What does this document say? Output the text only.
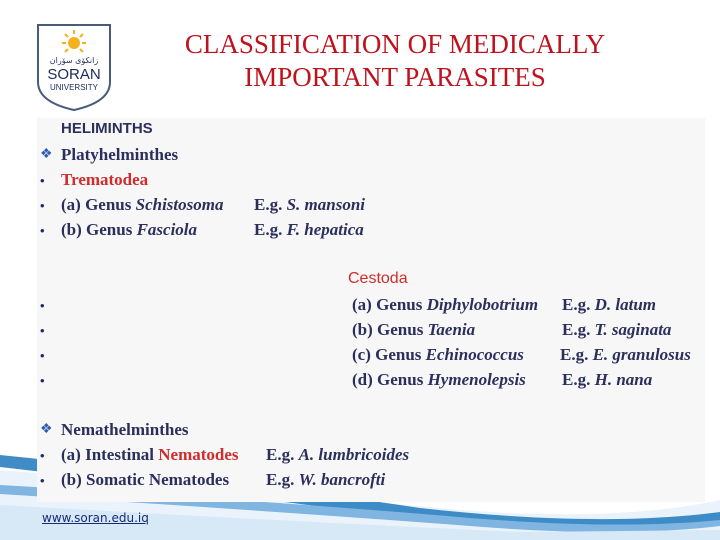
زانكۆی سۆران
SORAN
UNIVERSITY
CLASSIFICATION OF MEDICALLY
IMPORTANT PARASITES
HELIMINTHS
❖ Platyhelminthes
• Trematodea
• (a) Genus Schistosoma E.g. S. mansoni
• (b) Genus Fasciola	E.g. F. hepatica
Cestoda
•	(a) Genus Diphylobotrium E.g. D. latum
•	(b) Genus Taenia	E.g. T. saginata
•	(c) Genus Echinococcus E.g. E. granulosus
•	(d) Genus Hymenolepsis E.g. H. nana
❖ Nemathelminthes
• (a) Intestinal Nematodes E.g. A. lumbricoides
• (b) Somatic Nematodes E.g. W. bancrofti
www.soran.edu.iq
